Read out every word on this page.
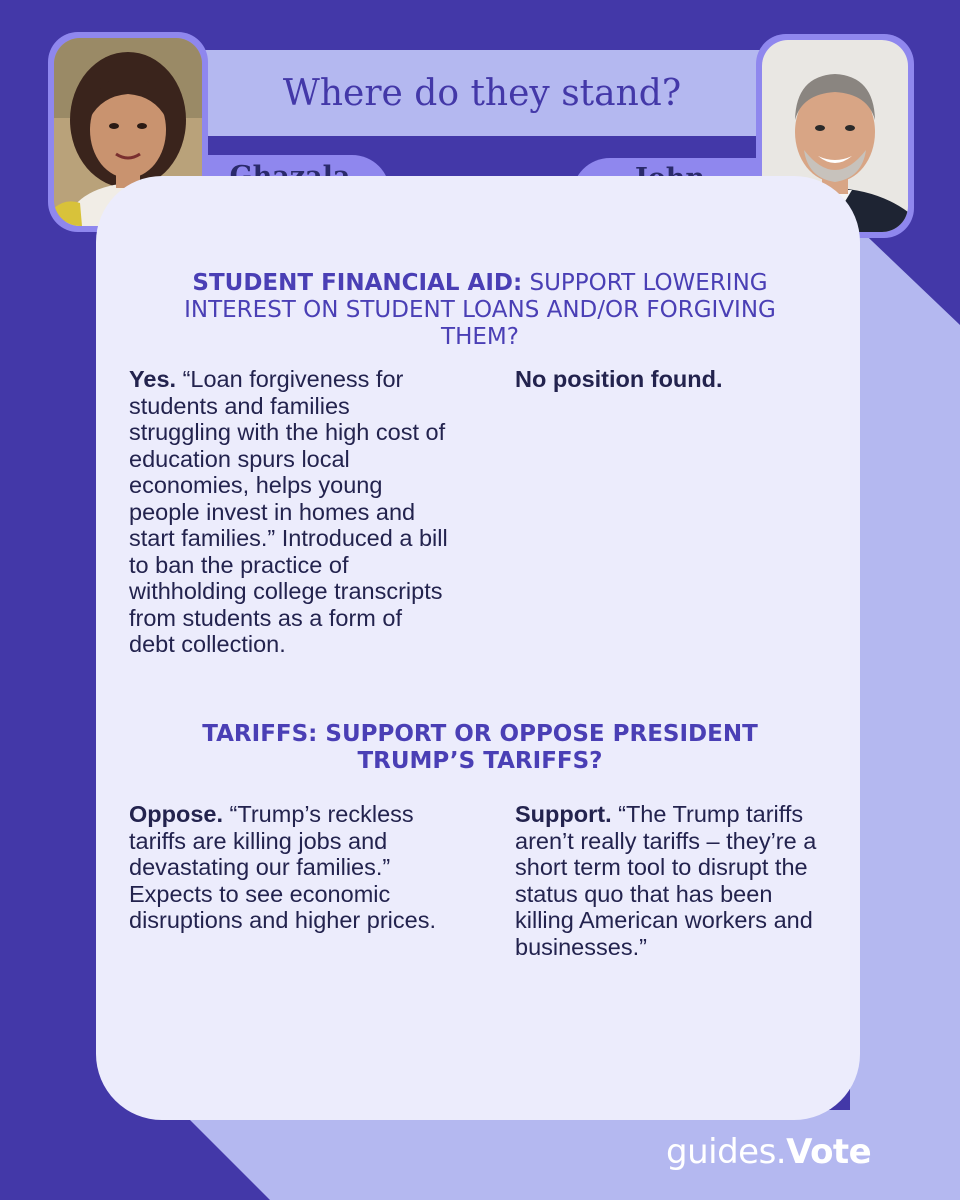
Where do they stand?
STUDENT FINANCIAL AID: SUPPORT LOWERING INTEREST ON STUDENT LOANS AND/OR FORGIVING THEM?
Yes. “Loan forgiveness for students and families struggling with the high cost of education spurs local economies, helps young people invest in homes and start families.” Introduced a bill to ban the practice of withholding college transcripts from students as a form of debt collection.
No position found.
TARIFFS: SUPPORT OR OPPOSE PRESIDENT TRUMP’S TARIFFS?
Oppose. “Trump’s reckless tariffs are killing jobs and devastating our families.” Expects to see economic disruptions and higher prices.
Support. “The Trump tariffs aren’t really tariffs – they’re a short term tool to disrupt the status quo that has been killing American workers and businesses.”
guides.Vote
